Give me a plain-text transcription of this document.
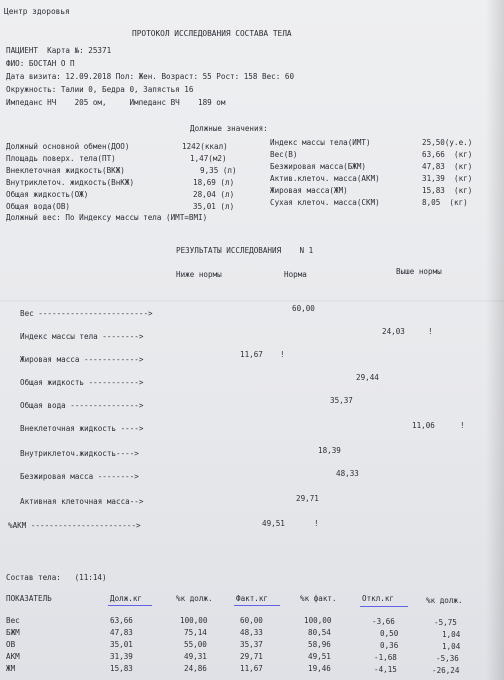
Центр здоровья
ПРОТОКОЛ ИССЛЕДОВАНИЯ СОСТАВА ТЕЛА
ПАЦИЕНТ  Карта №: 25371
ФИО: БОСТАН О П
Дата визита: 12.09.2018 Пол: Жен. Возраст: 55 Рост: 158 Вес: 60
Окружность: Талии 0, Бедра 0, Запястья 16
Импеданс НЧ    205 ом,     Импеданс ВЧ    189 ом
Должные значения:
Должный основной обмен(ДОО)	1242(ккал)
Площадь поверх. тела(ПТ)	1,47(м2)
Внеклеточная жидкость(ВКЖ)	9,35 (л)
Внутриклеточ. жидкость(ВнКЖ)	18,69 (л)
Общая жидкость(ОЖ)	28,04 (л)
Общая вода(ОВ)	35,01 (л)
Индекс массы тела(ИМТ)	25,50(у.е.)
Вес(В)	63,66  (кг)
Безжировая масса(БЖМ)	47,83  (кг)
Актив.клеточ. масса(АКМ)	31,39  (кг)
Жировая масса(ЖМ)	15,83  (кг)
Сухая клеточ. масса(СКМ)	8,05  (кг)
Должный вес: По Индексу массы тела (ИМТ=BMI)
РЕЗУЛЬТАТЫ ИССЛЕДОВАНИЯ    N 1
Ниже нормы	Норма	Выше нормы
Вес ------------------------>
60,00
Индекс массы тела -------->
24,03	!
Жировая масса ------------>
11,67 !
Общая жидкость ----------->
29,44
Общая вода --------------->
35,37
Внеклеточная жидкость ---->	11,06	!
Внутриклеточ.жидкость---->	18,39
Безжировая масса -------->	48,33
Активная клеточная масса-->	29,71
%АКМ ----------------------->	49,51	!
Состав тела:   (11:14)
ПОКАЗАТЕЛЬ	Долж.кг	%к долж.	Факт.кг	%к факт.	Откл.кг	%к долж.
Вес	63,66	100,00	60,00	100,00	-3,66	-5,75
БЖМ	47,83	75,14	48,33	80,54	0,50	1,04
ОВ	35,01	55,00	35,37	58,96	0,36	1,04
АКМ	31,39	49,31	29,71	49,51	-1,68	-5,36
ЖМ	15,83	24,86	11,67	19,46	-4,15	-26,24
